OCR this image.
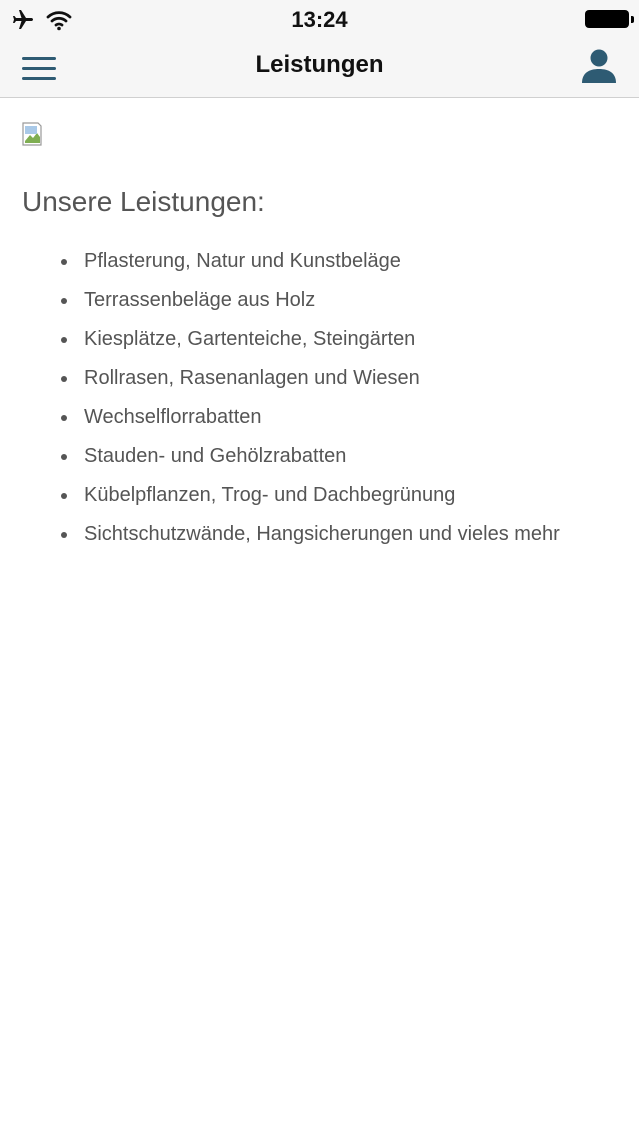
13:24
Leistungen
Unsere Leistungen:
Pflasterung, Natur und Kunstbeläge
Terrassenbeläge aus Holz
Kiesplätze, Gartenteiche, Steingärten
Rollrasen, Rasenanlagen und Wiesen
Wechselflorrabatten
Stauden- und Gehölzrabatten
Kübelpflanzen, Trog- und Dachbegrünung
Sichtschutzwände, Hangsicherungen und vieles mehr
